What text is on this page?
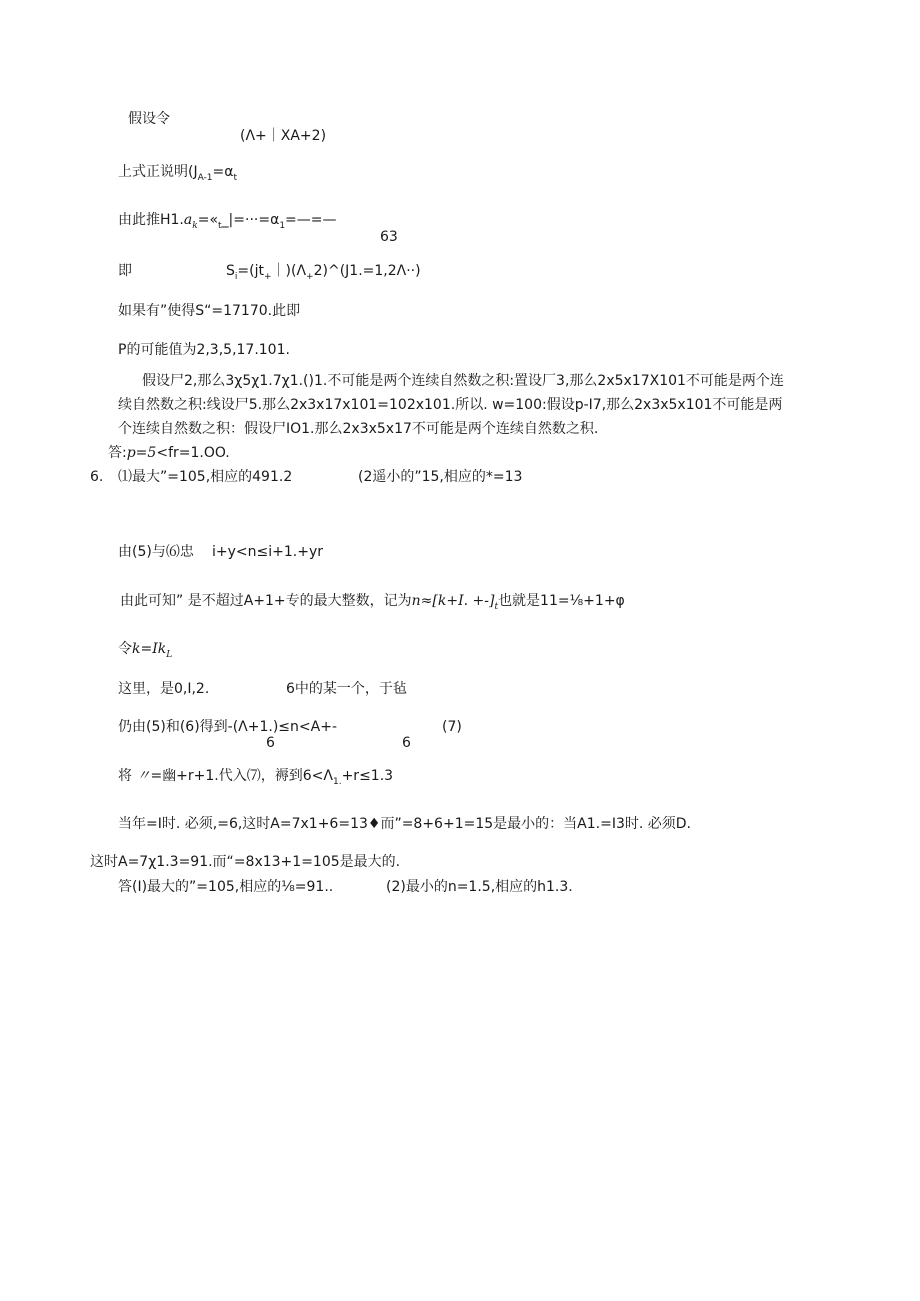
假设令
(Λ+｜XA+2)
上式正说明($J_{A-1}=\alpha_t$
由此推$H1.a_k=«_t\_|=\cdot\cdot\cdot=\alpha_1=—=—$
63
即	$S_i=(jt_+|)(\Lambda_+2)\^{}(J1.=1,2\Lambda\cdot\cdot)$
如果有”使得S“=17170.此即
P的可能值为2,3,5,17.101.
假设尸2,那么3χ5χ1.7χ1.()1.不可能是两个连续自然数之积:置设厂3,那么2x5x17X101不可能是两个连
续自然数之积:线设尸5.那么2x3x17x101=102x101.所以. w=100:假设p-I7,那么2x3x5x101不可能是两
个连续自然数之积：假设尸IO1.那么2x3x5x17不可能是两个连续自然数之积.
答:p=5<fr=1.OO.
6. ⑴最大”=105,相应的491.2	(2遥小的”15,相应的*=13
由(5)与⑹忠 i+y<n≤i+1.+yr
由此可知” 是不超过A+1+专的最大整数，记为n≈[k+I. $+-]_t$也就是11=⅛+1+φ
令$k=Ik_L$
这里，是0,I,2.	6中的某一个，于毡
仍由(5)和(6)得到-(Λ+1.)≤n<A+-	(7)
6	6
将 〃=幽+r+1.代入⑺，褥到$6<\Lambda_{1.}+r\le 1.3$
当年=I时. 必须,=6,这时A=7x1+6=13♦而”=8+6+1=15是最小的：当A1.=I3时. 必须D.
这时A=7χ1.3=91.而“=8x13+1=105是最大的.
答(I)最大的”=105,相应的⅛=91..	(2)最小的n=1.5,相应的h1.3.
